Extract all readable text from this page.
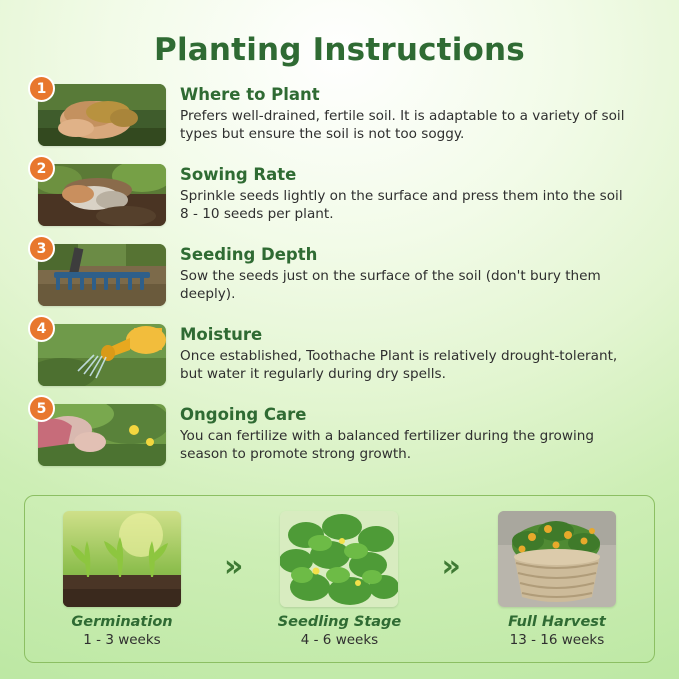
Planting Instructions
1	Where to Plant
Prefers well-drained, fertile soil. It is adaptable to a variety of soil types but ensure the soil is not too soggy.
2	Sowing Rate
Sprinkle seeds lightly on the surface and press them into the soil 8 - 10 seeds per plant.
3	Seeding Depth
Sow the seeds just on the surface of the soil (don't bury them deeply).
4	Moisture
Once established, Toothache Plant is relatively drought-tolerant, but water it regularly during dry spells.
5	Ongoing Care
You can fertilize with a balanced fertilizer during the growing season to promote strong growth.
Germination
1 - 3 weeks
»
Seedling Stage
4 - 6 weeks
»
Full Harvest
13 - 16 weeks
